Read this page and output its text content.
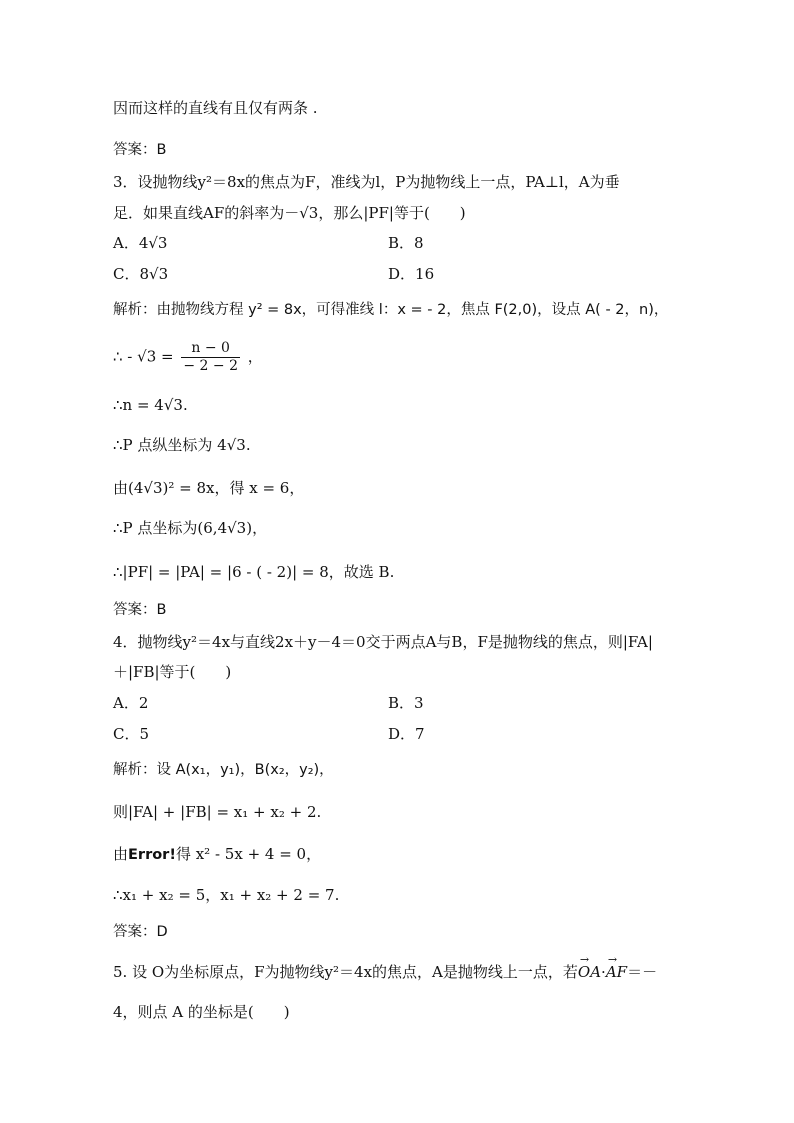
因而这样的直线有且仅有两条 .
答案：B
3．设抛物线y²＝8x的焦点为F，准线为l，P为抛物线上一点，PA⊥l，A为垂
足．如果直线AF的斜率为－√3，那么|PF|等于(　　)
A．4√3	B．8
C．8√3	D．16
解析：由抛物线方程 y² = 8x，可得准线 l：x = - 2，焦点 F(2,0)，设点 A( - 2，n)，
∴ - $√3 = \frac{n - 0}{- 2 - 2}$ ，
∴n = 4√3.
∴P 点纵坐标为 4√3.
由(4√3)² = 8x，得 x = 6，
∴P 点坐标为(6,4√3)，
∴|PF| = |PA| = |6 - ( - 2)| = 8，故选 B.
答案：B
4．抛物线y²＝4x与直线2x＋y－4＝0交于两点A与B，F是抛物线的焦点，则|FA|
＋|FB|等于(　　)
A．2	B．3
C．5	D．7
解析：设 A(x₁，y₁)，B(x₂，y₂)，
则|FA| + |FB| = x₁ + x₂ + 2.
由Error!得 x² - 5x + 4 = 0，
∴x₁ + x₂ = 5，x₁ + x₂ + 2 = 7.
答案：D
5. 设 O为坐标原点，F为抛物线y²＝4x的焦点，A是抛物线上一点，若→ OA·→ AF＝－
4，则点 A 的坐标是(　　)
